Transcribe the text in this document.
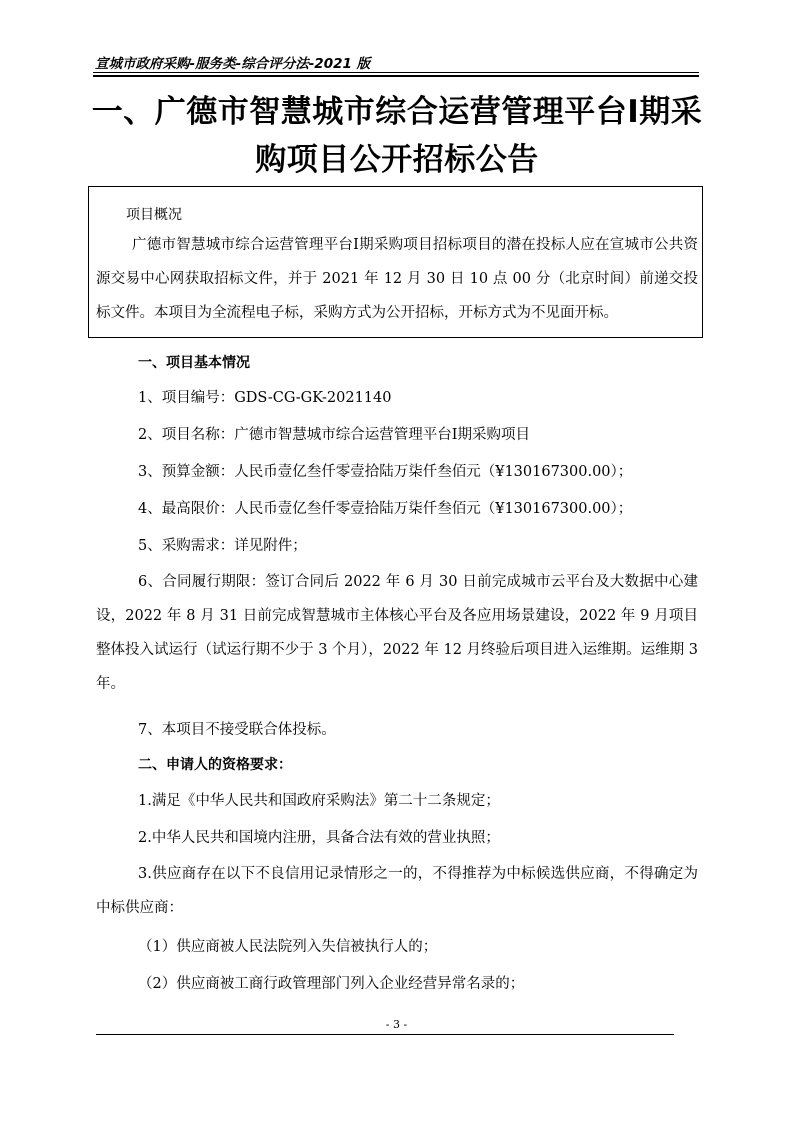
宣城市政府采购-服务类-综合评分法-2021 版
一、广德市智慧城市综合运营管理平台Ⅰ期采
购项目公开招标公告
项目概况
广德市智慧城市综合运营管理平台Ⅰ期采购项目招标项目的潜在投标人应在宣城市公共资源交易中心网获取招标文件，并于 2021 年 12 月 30 日 10 点 00 分（北京时间）前递交投标文件。本项目为全流程电子标，采购方式为公开招标，开标方式为不见面开标。
一、项目基本情况
1、项目编号：GDS-CG-GK-2021140
2、项目名称：广德市智慧城市综合运营管理平台Ⅰ期采购项目
3、预算金额：人民币壹亿叁仟零壹拾陆万柒仟叁佰元（¥130167300.00）；
4、最高限价：人民币壹亿叁仟零壹拾陆万柒仟叁佰元（¥130167300.00）；
5、采购需求：详见附件；
6、合同履行期限：签订合同后 2022 年 6 月 30 日前完成城市云平台及大数据中心建设，2022 年 8 月 31 日前完成智慧城市主体核心平台及各应用场景建设，2022 年 9 月项目整体投入试运行（试运行期不少于 3 个月），2022 年 12 月终验后项目进入运维期。运维期 3 年。
7、本项目不接受联合体投标。
二、申请人的资格要求：
1.满足《中华人民共和国政府采购法》第二十二条规定；
2.中华人民共和国境内注册，具备合法有效的营业执照；
3.供应商存在以下不良信用记录情形之一的，不得推荐为中标候选供应商，不得确定为中标供应商：
（1）供应商被人民法院列入失信被执行人的；
（2）供应商被工商行政管理部门列入企业经营异常名录的；
- 3 -
